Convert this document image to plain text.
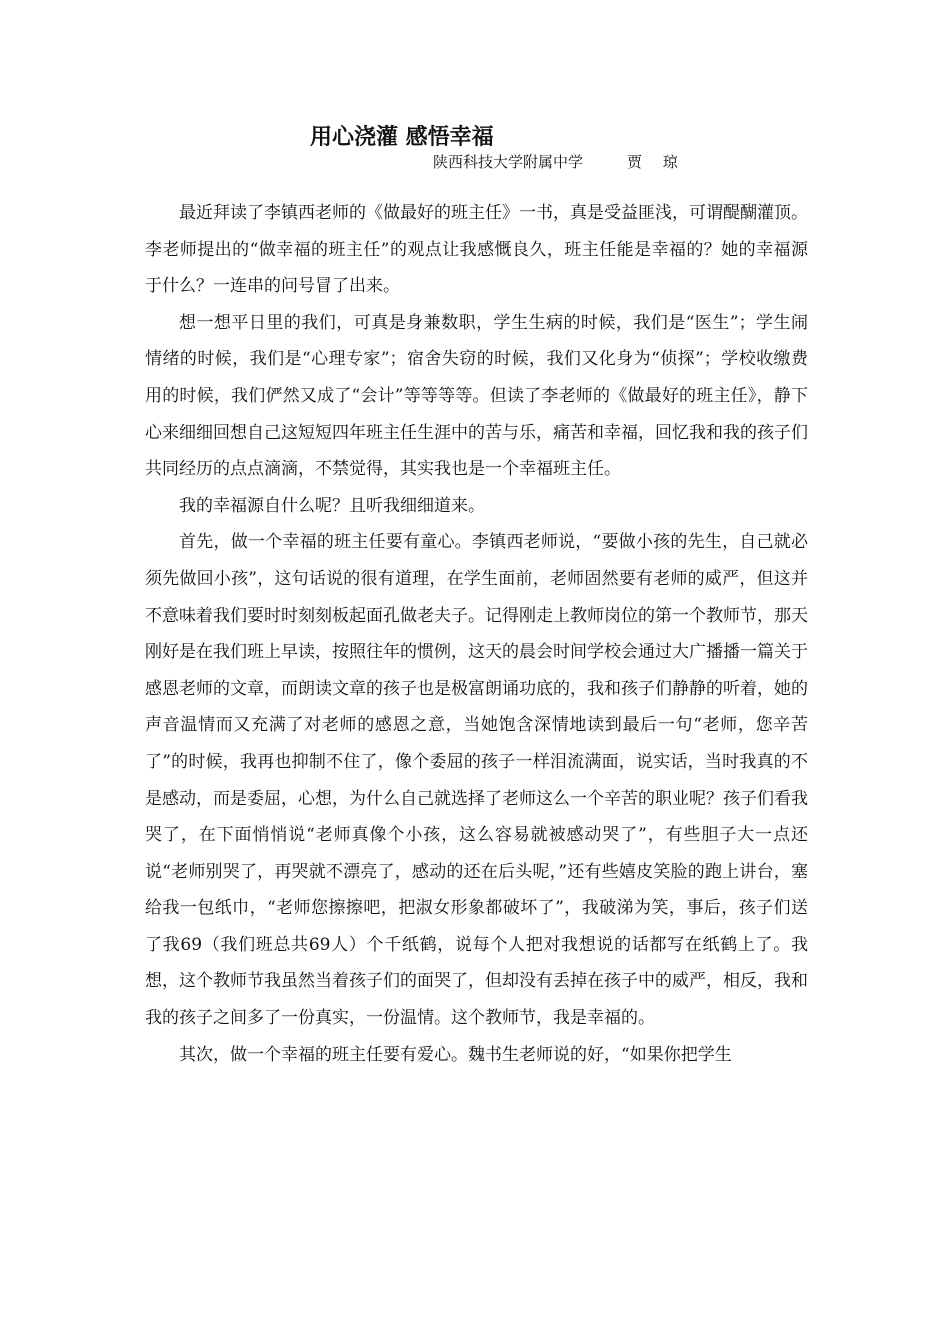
用心浇灌 感悟幸福
陕西科技大学附属中学	贾 琼

最近拜读了李镇西老师的《做最好的班主任》一书，真是受益匪浅，可谓醍醐灌顶。李老师提出的“做幸福的班主任”的观点让我感慨良久，班主任能是幸福的？她的幸福源于什么？一连串的问号冒了出来。

想一想平日里的我们，可真是身兼数职，学生生病的时候，我们是“医生”；学生闹情绪的时候，我们是“心理专家”；宿舍失窃的时候，我们又化身为“侦探”；学校收缴费用的时候，我们俨然又成了“会计”等等等等。但读了李老师的《做最好的班主任》，静下心来细细回想自己这短短四年班主任生涯中的苦与乐，痛苦和幸福，回忆我和我的孩子们共同经历的点点滴滴，不禁觉得，其实我也是一个幸福班主任。

我的幸福源自什么呢？且听我细细道来。

首先，做一个幸福的班主任要有童心。李镇西老师说，“要做小孩的先生，自己就必须先做回小孩”，这句话说的很有道理，在学生面前，老师固然要有老师的威严，但这并不意味着我们要时时刻刻板起面孔做老夫子。记得刚走上教师岗位的第一个教师节，那天刚好是在我们班上早读，按照往年的惯例，这天的晨会时间学校会通过大广播播一篇关于感恩老师的文章，而朗读文章的孩子也是极富朗诵功底的，我和孩子们静静的听着，她的声音温情而又充满了对老师的感恩之意，当她饱含深情地读到最后一句“老师，您辛苦了”的时候，我再也抑制不住了，像个委屈的孩子一样泪流满面，说实话，当时我真的不是感动，而是委屈，心想，为什么自己就选择了老师这么一个辛苦的职业呢？孩子们看我哭了，在下面悄悄说“老师真像个小孩，这么容易就被感动哭了”，有些胆子大一点还说“老师别哭了，再哭就不漂亮了，感动的还在后头呢，”还有些嬉皮笑脸的跑上讲台，塞给我一包纸巾，“老师您擦擦吧，把淑女形象都破坏了”，我破涕为笑，事后，孩子们送了我69（我们班总共69人）个千纸鹤，说每个人把对我想说的话都写在纸鹤上了。我想，这个教师节我虽然当着孩子们的面哭了，但却没有丢掉在孩子中的威严，相反，我和我的孩子之间多了一份真实，一份温情。这个教师节，我是幸福的。

其次，做一个幸福的班主任要有爱心。魏书生老师说的好，“如果你把学生
